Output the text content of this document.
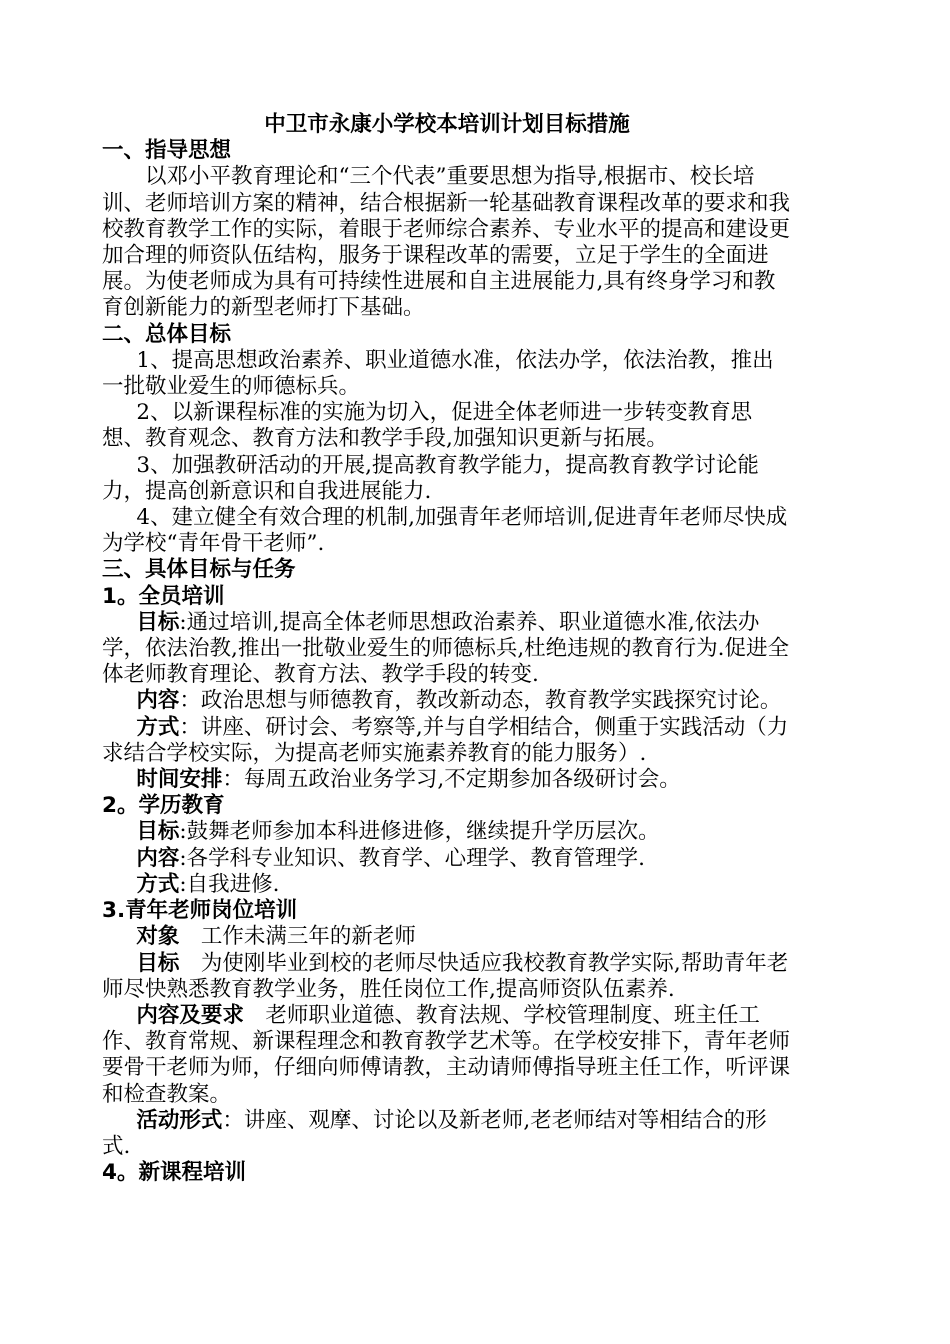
中卫市永康小学校本培训计划目标措施

一、指导思想

以邓小平教育理论和“三个代表”重要思想为指导,根据市、校长培训、老师培训方案的精神，结合根据新一轮基础教育课程改革的要求和我校教育教学工作的实际，着眼于老师综合素养、专业水平的提高和建设更加合理的师资队伍结构，服务于课程改革的需要，立足于学生的全面进展。为使老师成为具有可持续性进展和自主进展能力,具有终身学习和教育创新能力的新型老师打下基础。

二、总体目标

1、提高思想政治素养、职业道德水准，依法办学，依法治教，推出一批敬业爱生的师德标兵。

2、以新课程标准的实施为切入，促进全体老师进一步转变教育思想、教育观念、教育方法和教学手段,加强知识更新与拓展。

3、加强教研活动的开展,提高教育教学能力，提高教育教学讨论能力，提高创新意识和自我进展能力.

4、建立健全有效合理的机制,加强青年老师培训,促进青年老师尽快成为学校“青年骨干老师”.

三、具体目标与任务

1。全员培训

目标:通过培训,提高全体老师思想政治素养、职业道德水准,依法办学，依法治教,推出一批敬业爱生的师德标兵,杜绝违规的教育行为.促进全体老师教育理论、教育方法、教学手段的转变.

内容：政治思想与师德教育，教改新动态，教育教学实践探究讨论。

方式：讲座、研讨会、考察等,并与自学相结合，侧重于实践活动（力求结合学校实际，为提高老师实施素养教育的能力服务）.

时间安排：每周五政治业务学习,不定期参加各级研讨会。

2。学历教育

目标:鼓舞老师参加本科进修进修，继续提升学历层次。

内容:各学科专业知识、教育学、心理学、教育管理学.

方式:自我进修.

3.青年老师岗位培训

对象　工作未满三年的新老师

目标　为使刚毕业到校的老师尽快适应我校教育教学实际,帮助青年老师尽快熟悉教育教学业务，胜任岗位工作,提高师资队伍素养.

内容及要求　老师职业道德、教育法规、学校管理制度、班主任工作、教育常规、新课程理念和教育教学艺术等。在学校安排下，青年老师要骨干老师为师，仔细向师傅请教，主动请师傅指导班主任工作，听评课和检查教案。

活动形式：讲座、观摩、讨论以及新老师,老老师结对等相结合的形式.

4。新课程培训
